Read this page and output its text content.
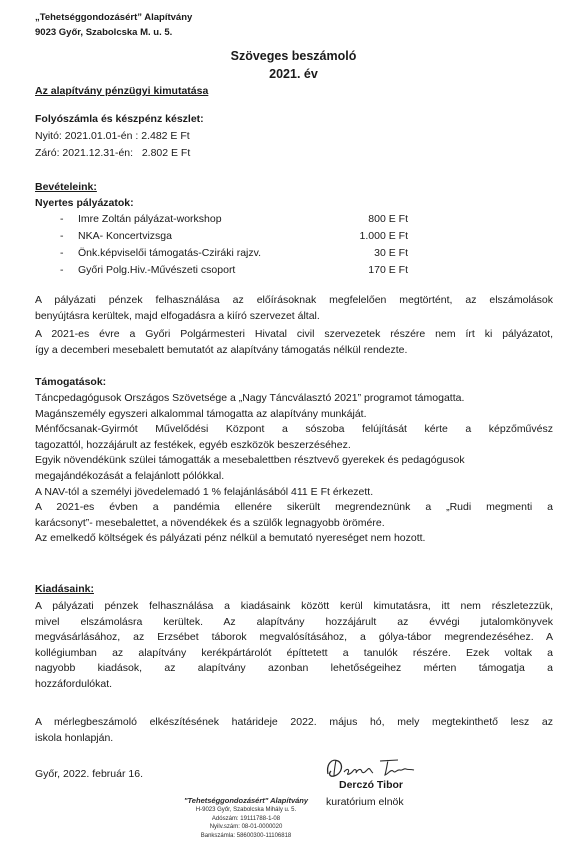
„Tehetséggondozásért” Alapítvány
9023 Győr, Szabolcska M. u. 5.
Szöveges beszámoló
2021. év
Az alapítvány pénzügyi kimutatása
Folyószámla és készpénz készlet:
Nyitó: 2021.01.01-én : 2.482 E Ft
Záró: 2021.12.31-én:   2.802 E Ft
Bevételeink:
Nyertes pályázatok:
- Imre Zoltán pályázat-workshop	800 E Ft
- NKA- Koncertvizsga	1.000 E Ft
- Önk.képviselői támogatás-Cziráki rajzv.	30 E Ft
- Győri Polg.Hiv.-Művészeti csoport	170 E Ft
A pályázati pénzek felhasználása az előírásoknak megfelelően megtörtént, az elszámolások
benyújtásra kerültek, majd elfogadásra a kiíró szervezet által.
A 2021-es évre a Győri Polgármesteri Hivatal civil szervezetek részére nem írt ki pályázatot,
így a decemberi mesebalett bemutatót az alapítvány támogatás nélkül rendezte.
Támogatások:
Táncpedagógusok Országos Szövetsége a „Nagy Táncválasztó 2021” programot támogatta.
Magánszemély egyszeri alkalommal támogatta az alapítvány munkáját.
Ménfőcsanak-Gyirmót Művelődési Központ a sószoba felújítását kérte a képzőművész
tagozattól, hozzájárult az festékek, egyéb eszközök beszerzéséhez.
Egyik növendékünk szülei támogatták a mesebalettben résztvevő gyerekek és pedagógusok
megajándékozását a felajánlott pólókkal.
A NAV-tól a személyi jövedelemadó 1 % felajánlásából 411 E Ft érkezett.
A 2021-es évben a pandémia ellenére sikerült megrendeznünk a „Rudi megmenti a
karácsonyt”- mesebalettet, a növendékek és a szülők legnagyobb örömére.
Az emelkedő költségek és pályázati pénz nélkül a bemutató nyereséget nem hozott.
Kiadásaink:
A pályázati pénzek felhasználása a kiadásaink között kerül kimutatásra, itt nem részletezzük,
mivel elszámolásra kerültek. Az alapítvány hozzájárult az évvégi jutalomkönyvek
megvásárlásához, az Erzsébet táborok megvalósításához, a gólya-tábor megrendezéséhez. A
kollégiumban az alapítvány kerékpártárolót építtetett a tanulók részére. Ezek voltak a
nagyobb kiadások, az alapítvány azonban lehetőségeihez mérten támogatja a
hozzáfordulókat.
A mérlegbeszámoló elkészítésének határideje 2022. május hó, mely megtekinthető lesz az
iskola honlapján.
Győr, 2022. február 16.
Derczó Tibor
kuratórium elnök
"Tehetséggondozásért" Alapítvány
H-9023 Győr, Szabolcska Mihály u. 5.
Adószám: 19111788-1-08
Nyilv.szám: 08-01-0000020
Bankszámla: 58600300-11106818
